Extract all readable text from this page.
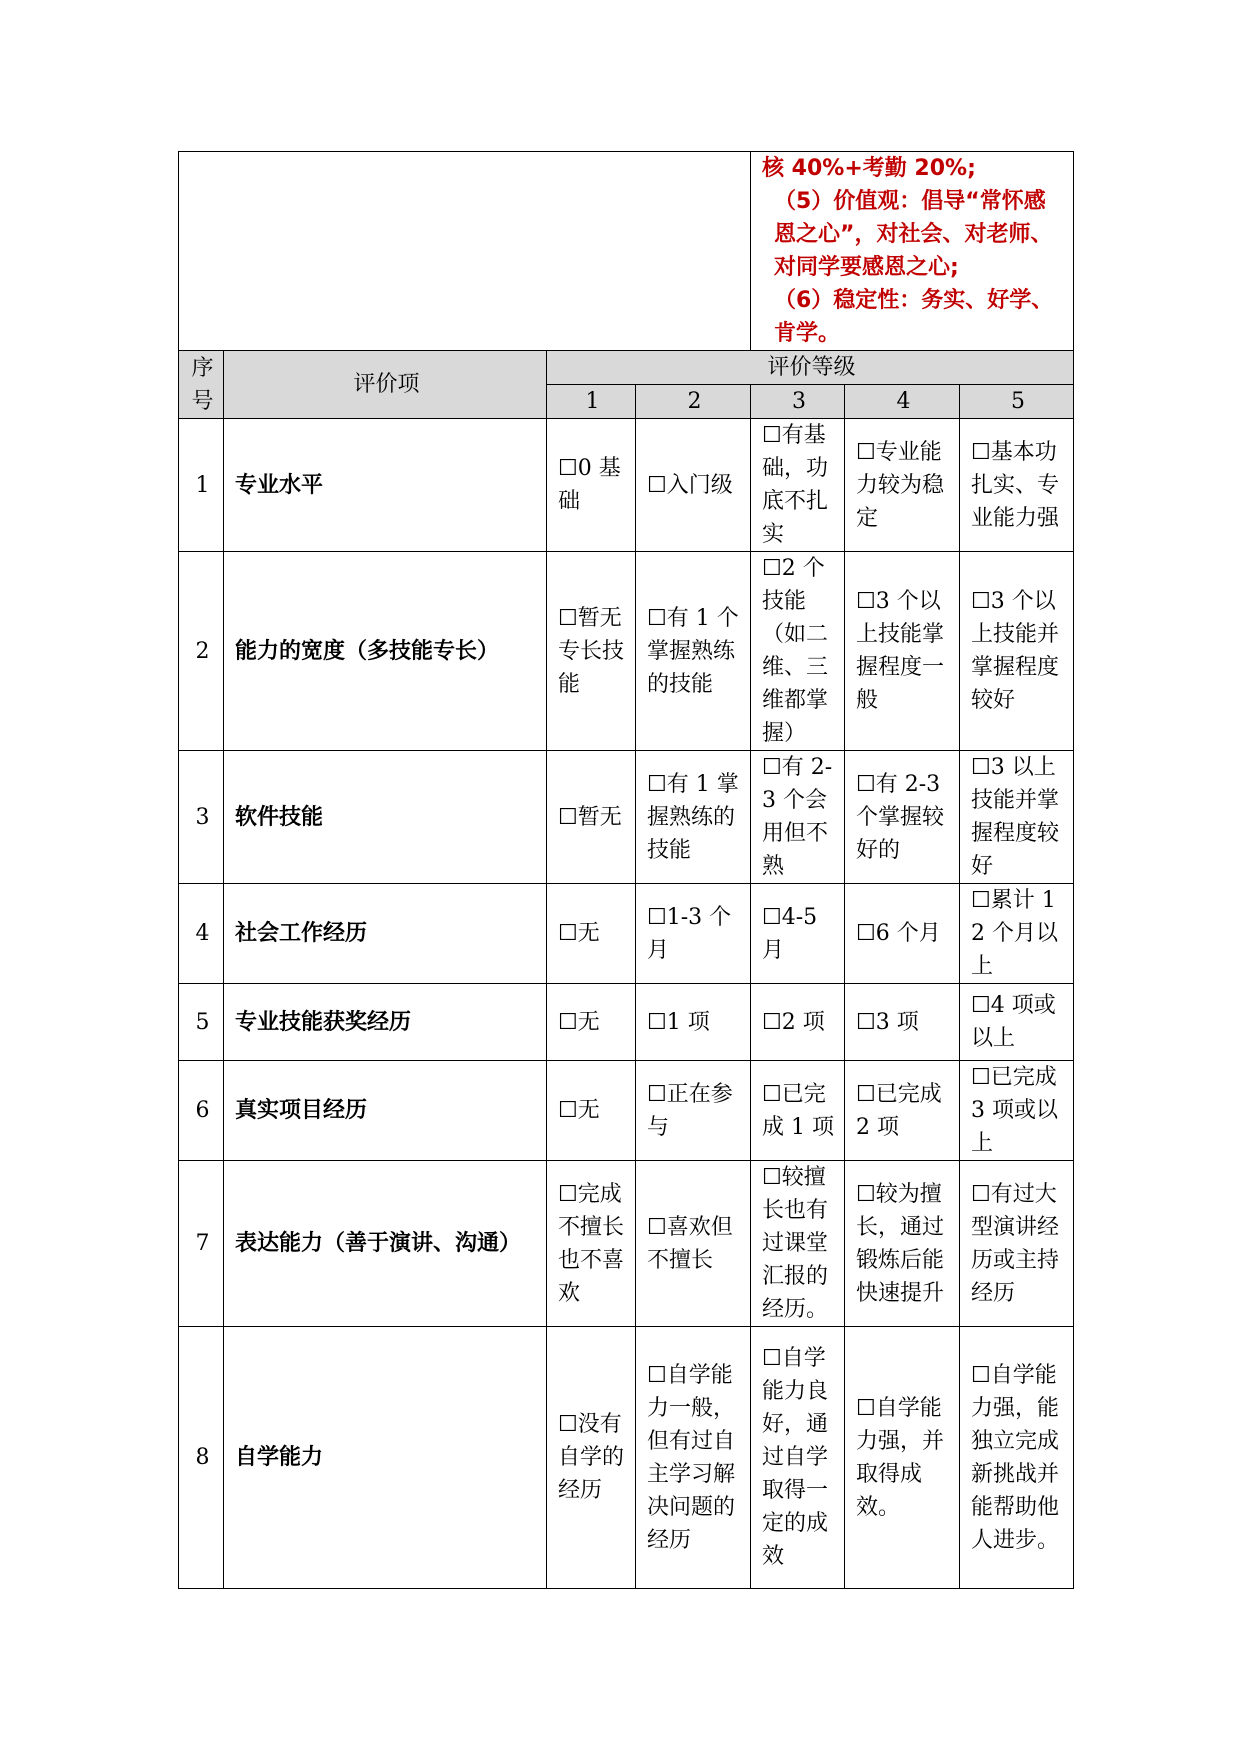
				核 40%+考勤 20%;

（5）价值观：倡导“常怀感恩之心”，对社会、对老师、对同学要感恩之心;

（6）稳定性：务实、好学、肯学。		

序号	评价项	评价等级				
		1	2	3	4	5
1	专业水平	☐0 基础	☐入门级	☐有基础，功底不扎实	☐专业能力较为稳定	☐基本功扎实、专业能力强
2	能力的宽度（多技能专长）	☐暂无专长技能	☐有 1 个掌握熟练的技能	☐2 个技能（如二维、三维都掌握）	☐3 个以上技能掌握程度一般	☐3 个以上技能并掌握程度较好
3	软件技能	☐暂无	☐有 1 掌握熟练的技能	☐有 2-3 个会用但不熟	☐有 2-3 个掌握较好的	☐3 以上技能并掌握程度较好
4	社会工作经历	☐无	☐1-3 个月	☐4-5 月	☐6 个月	☐累计 12 个月以上
5	专业技能获奖经历	☐无	☐1 项	☐2 项	☐3 项	☐4 项或以上
6	真实项目经历	☐无	☐正在参与	☐已完成 1 项	☐已完成 2 项	☐已完成 3 项或以上
7	表达能力（善于演讲、沟通）	☐完成不擅长也不喜欢	☐喜欢但不擅长	☐较擅长也有过课堂汇报的经历。	☐较为擅长，通过锻炼后能快速提升	☐有过大型演讲经历或主持经历
8	自学能力	☐没有自学的经历	☐自学能力一般，但有过自主学习解决问题的经历	☐自学能力良好，通过自学取得一定的成效	☐自学能力强，并取得成效。	☐自学能力强，能独立完成新挑战并能帮助他人进步。
